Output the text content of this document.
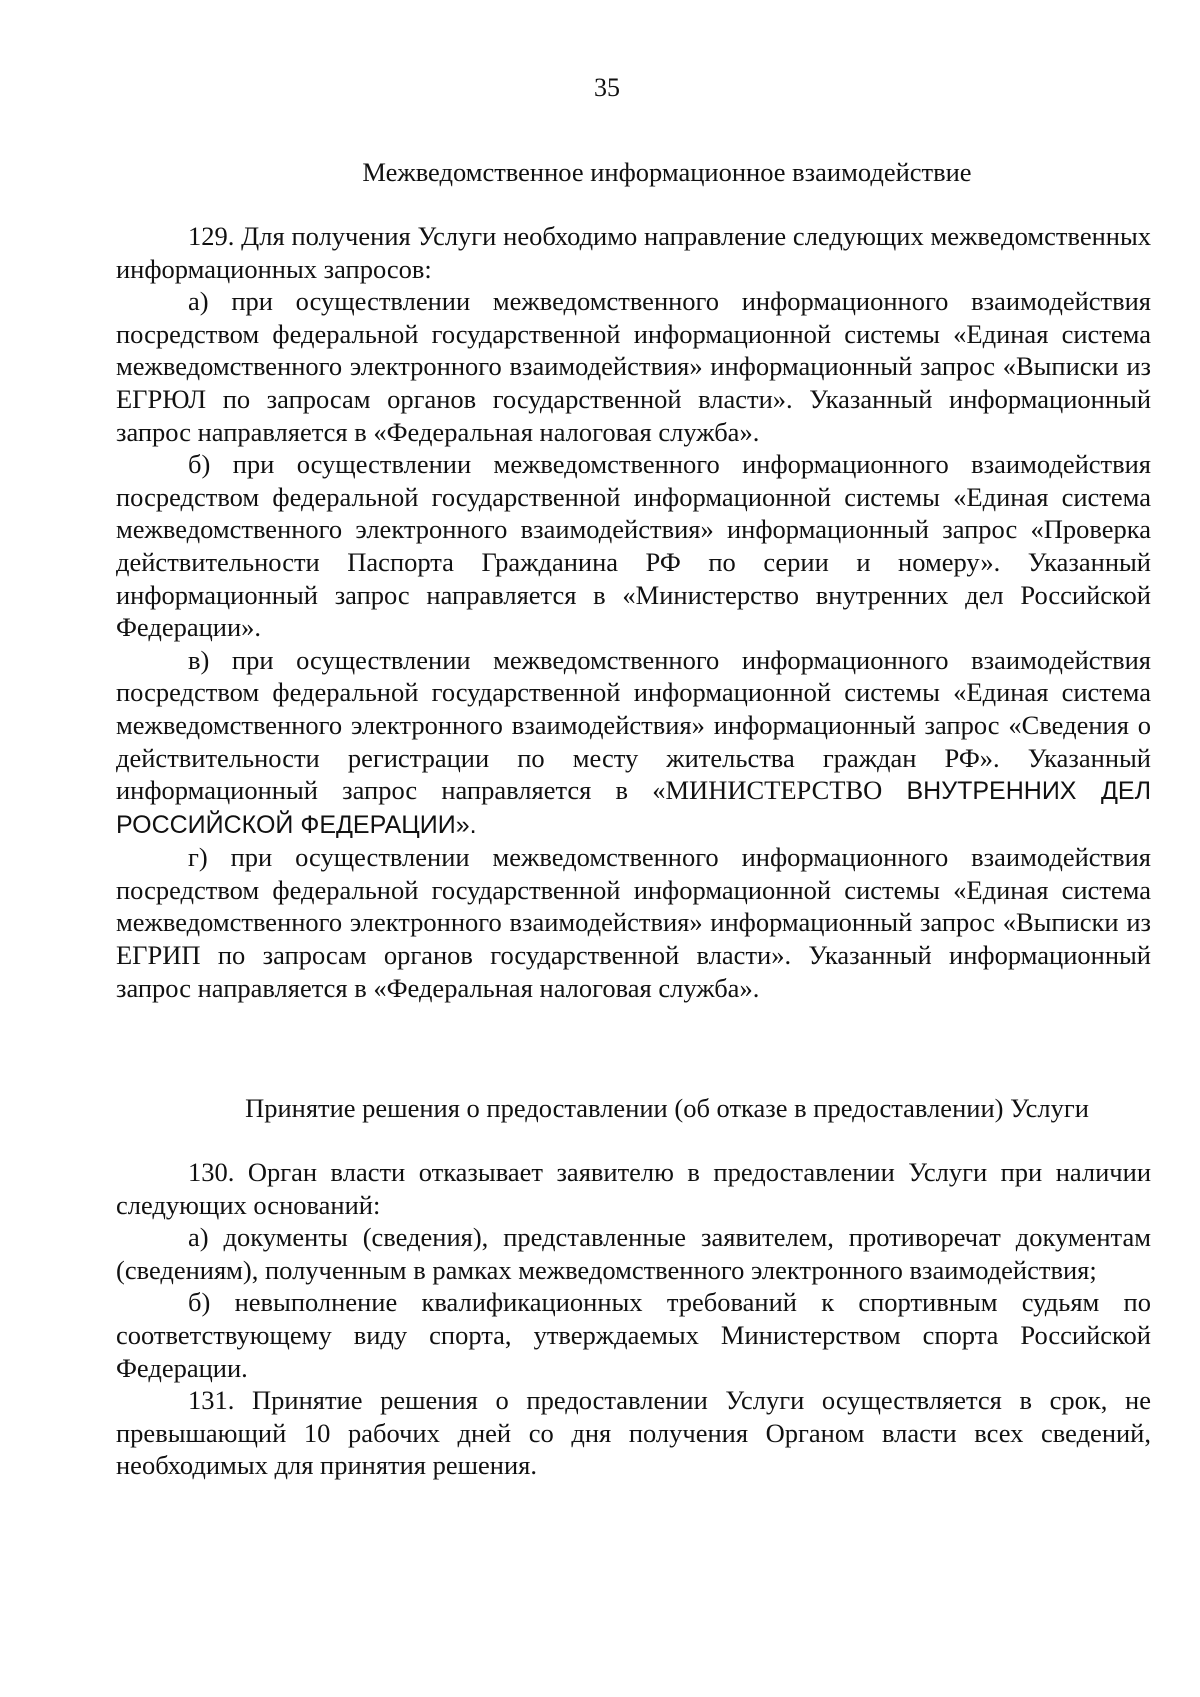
35
Межведомственное информационное взаимодействие

129. Для получения Услуги необходимо направление следующих межведомственных информационных запросов:

а) при осуществлении межведомственного информационного взаимодействия посредством федеральной государственной информационной системы «Единая система межведомственного электронного взаимодействия» информационный запрос «Выписки из ЕГРЮЛ по запросам органов государственной власти». Указанный информационный запрос направляется в «Федеральная налоговая служба».

б) при осуществлении межведомственного информационного взаимодействия посредством федеральной государственной информационной системы «Единая система межведомственного электронного взаимодействия» информационный запрос «Проверка действительности Паспорта Гражданина РФ по серии и номеру». Указанный информационный запрос направляется в «Министерство внутренних дел Российской Федерации».

в) при осуществлении межведомственного информационного взаимодействия посредством федеральной государственной информационной системы «Единая система межведомственного электронного взаимодействия» информационный запрос «Сведения о действительности регистрации по месту жительства граждан РФ». Указанный информационный запрос направляется в «МИНИСТЕРСТВО ВНУТРЕННИХ ДЕЛ РОССИЙСКОЙ ФЕДЕРАЦИИ».

г) при осуществлении межведомственного информационного взаимодействия посредством федеральной государственной информационной системы «Единая система межведомственного электронного взаимодействия» информационный запрос «Выписки из ЕГРИП по запросам органов государственной власти». Указанный информационный запрос направляется в «Федеральная налоговая служба».

Принятие решения о предоставлении (об отказе в предоставлении) Услуги

130. Орган власти отказывает заявителю в предоставлении Услуги при наличии следующих оснований:

а) документы (сведения), представленные заявителем, противоречат документам (сведениям), полученным в рамках межведомственного электронного взаимодействия;

б) невыполнение квалификационных требований к спортивным судьям по соответствующему виду спорта, утверждаемых Министерством спорта Российской Федерации.

131. Принятие решения о предоставлении Услуги осуществляется в срок, не превышающий 10 рабочих дней со дня получения Органом власти всех сведений, необходимых для принятия решения.
